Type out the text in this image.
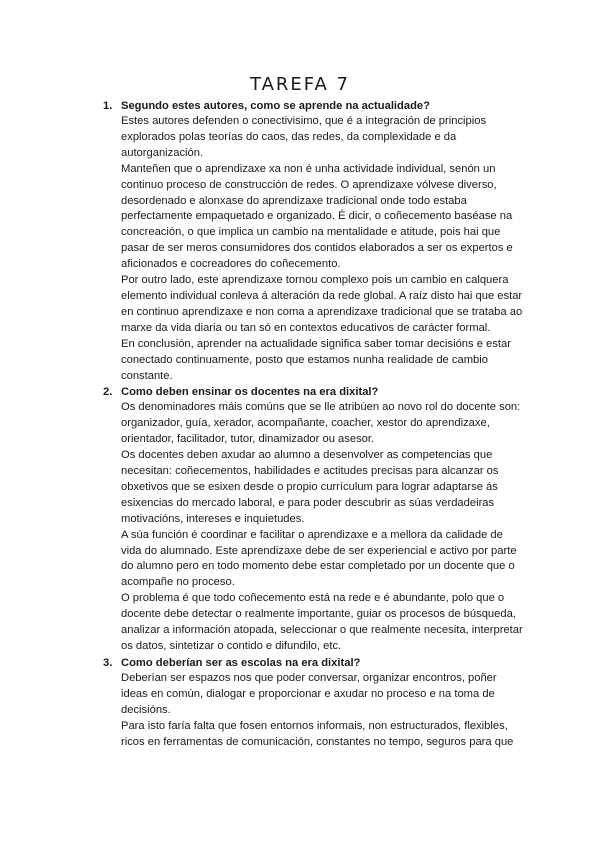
TAREFA 7
1. Segundo estes autores, como se aprende na actualidade?

Estes autores defenden o conectivisimo, que é a integración de principios explorados polas teorías do caos, das redes, da complexidade e da autorganización.

Manteñen que o aprendizaxe xa non é unha actividade individual, senón un continuo proceso de construcción de redes. O aprendizaxe vólvese diverso, desordenado e alonxase do aprendizaxe tradicional onde todo estaba perfectamente empaquetado e organizado. É dicir, o coñecemento baséase na concreación, o que implica un cambio na mentalidade e atitude, pois hai que pasar de ser meros consumidores dos contidos elaborados a ser os expertos e aficionados e cocreadores do coñecemento.

Por outro lado, este aprendizaxe tornou complexo pois un cambio en calquera elemento individual conleva á alteración da rede global. A raíz disto hai que estar en continuo aprendizaxe e non coma a aprendizaxe tradicional que se trataba ao marxe da vida diaria ou tan só en contextos educativos de carácter formal.

En conclusión, aprender na actualidade significa saber tomar decisións e estar conectado continuamente, posto que estamos nunha realidade de cambio constante.

2. Como deben ensinar os docentes na era dixital?

Os denominadores máis comúns que se lle atribúen ao novo rol do docente son: organizador, guía, xerador, acompañante, coacher, xestor do aprendizaxe, orientador, facilitador, tutor, dinamizador ou asesor.

Os docentes deben axudar ao alumno a desenvolver as competencias que necesitan: coñecementos, habilidades e actitudes precisas para alcanzar os obxetivos que se esixen desde o propio currículum para lograr adaptarse ás esixencias do mercado laboral, e para poder descubrir as súas verdadeiras motivacións, intereses e inquietudes.

A súa función é coordinar e facilitar o aprendizaxe e a mellora da calidade de vida do alumnado. Este aprendizaxe debe de ser experiencial e activo por parte do alumno pero en todo momento debe estar completado por un docente que o acompañe no proceso.

O problema é que todo coñecemento está na rede e é abundante, polo que o docente debe detectar o realmente importante, guiar os procesos de búsqueda, analizar a información atopada, seleccionar o que realmente necesita, interpretar os datos, sintetizar o contido e difundilo, etc.

3. Como deberían ser as escolas na era dixital?

Deberían ser espazos nos que poder conversar, organizar encontros, poñer ideas en común, dialogar e proporcionar e axudar no proceso e na toma de decisións.

Para isto faría falta que fosen entornos informais, non estructurados, flexibles, ricos en ferramentas de comunicación, constantes no tempo, seguros para que
